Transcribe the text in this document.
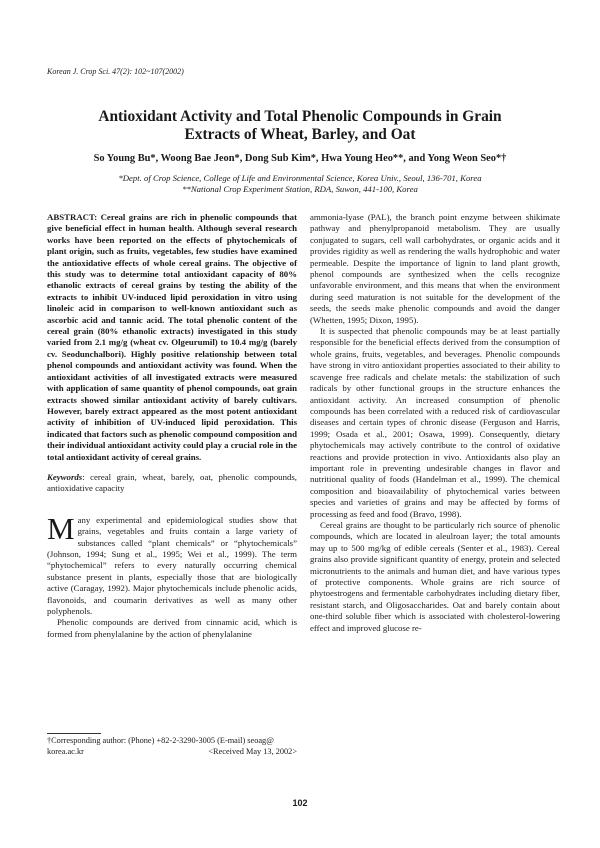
Korean J. Crop Sci. 47(2): 102~107(2002)
Antioxidant Activity and Total Phenolic Compounds in Grain
Extracts of Wheat, Barley, and Oat

So Young Bu*, Woong Bae Jeon*, Dong Sub Kim*, Hwa Young Heo**, and Yong Weon Seo*†

*Dept. of Crop Science, College of Life and Environmental Science, Korea Univ., Seoul, 136-701, Korea

**National Crop Experiment Station, RDA, Suwon, 441-100, Korea

ABSTRACT: Cereal grains are rich in phenolic compounds that give beneficial effect in human health. Although several research works have been reported on the effects of phytochemicals of plant origin, such as fruits, vegetables, few studies have examined the antioxidative effects of whole cereal grains. The objective of this study was to determine total antioxidant capacity of 80% ethanolic extracts of cereal grains by testing the ability of the extracts to inhibit UV-induced lipid peroxidation in vitro using linoleic acid in comparison to well-known antioxidant such as ascorbic acid and tannic acid. The total phenolic content of the cereal grain (80% ethanolic extracts) investigated in this study varied from 2.1 mg/g (wheat cv. Olgeurumil) to 10.4 mg/g (barely cv. Seodunchalbori). Highly positive relationship between total phenol compounds and antioxidant activity was found. When the antioxidant activities of all investigated extracts were measured with application of same quantity of phenol compounds, oat grain extracts showed similar antioxidant activity of barely cultivars. However, barely extract appeared as the most potent antioxidant activity of inhibition of UV-induced lipid peroxidation. This indicated that factors such as phenolic compound composition and their individual antioxidant activity could play a crucial role in the total antioxidant activity of cereal grains.

Keywords: cereal grain, wheat, barely, oat, phenolic compounds, antioxidative capacity

Many experimental and epidemiological studies show that grains, vegetables and fruits contain a large variety of substances called “plant chemicals” or “phytochemicals” (Johnson, 1994; Sung et al., 1995; Wei et al., 1999). The term “phytochemical” refers to every naturally occurring chemical substance present in plants, especially those that are biologically active (Caragay, 1992). Major phytochemicals include phenolic acids, flavonoids, and coumarin derivatives as well as many other polyphenols.

Phenolic compounds are derived from cinnamic acid, which is formed from phenylalanine by the action of phenylalanine

ammonia-lyase (PAL), the branch point enzyme between shikimate pathway and phenylpropanoid metabolism. They are usually conjugated to sugars, cell wall carbohydrates, or organic acids and it provides rigidity as well as rendering the walls hydrophobic and water permeable. Despite the importance of lignin to land plant growth, phenol compounds are synthesized when the cells recognize unfavorable environment, and this means that when the environment during seed maturation is not suitable for the development of the seeds, the seeds make phenolic compounds and avoid the danger (Whetten, 1995; Dixon, 1995).

It is suspected that phenolic compounds may be at least partially responsible for the beneficial effects derived from the consumption of whole grains, fruits, vegetables, and beverages. Phenolic compounds have strong in vitro antioxidant properties associated to their ability to scavenge free radicals and chelate metals: the stabilization of such radicals by other functional groups in the structure enhances the antioxidant activity. An increased consumption of phenolic compounds has been correlated with a reduced risk of cardiovascular diseases and certain types of chronic disease (Ferguson and Harris, 1999; Osada et al., 2001; Osawa, 1999). Consequently, dietary phytochemicals may actively contribute to the control of oxidative reactions and provide protection in vivo. Antioxidants also play an important role in preventing undesirable changes in flavor and nutritional quality of foods (Handelman et al., 1999). The chemical composition and bioavailability of phytochemical varies between species and varieties of grains and may be affected by forms of processing as feed and food (Bravo, 1998).

Cereal grains are thought to be particularly rich source of phenolic compounds, which are located in aleulroan layer; the total amounts may up to 500 mg/kg of edible cereals (Senter et al., 1983). Cereal grains also provide significant quantity of energy, protein and selected micronutrients to the animals and human diet, and have various types of protective components. Whole grains are rich source of phytoestrogens and fermentable carbohydrates including dietary fiber, resistant starch, and Oligosaccharides. Oat and barely contain about one-third soluble fiber which is associated with cholesterol-lowering effect and improved glucose re-

†Corresponding author: (Phone) +82-2-3290-3005 (E-mail) seoag@
korea.ac.kr	<Received May 13, 2002>
102
